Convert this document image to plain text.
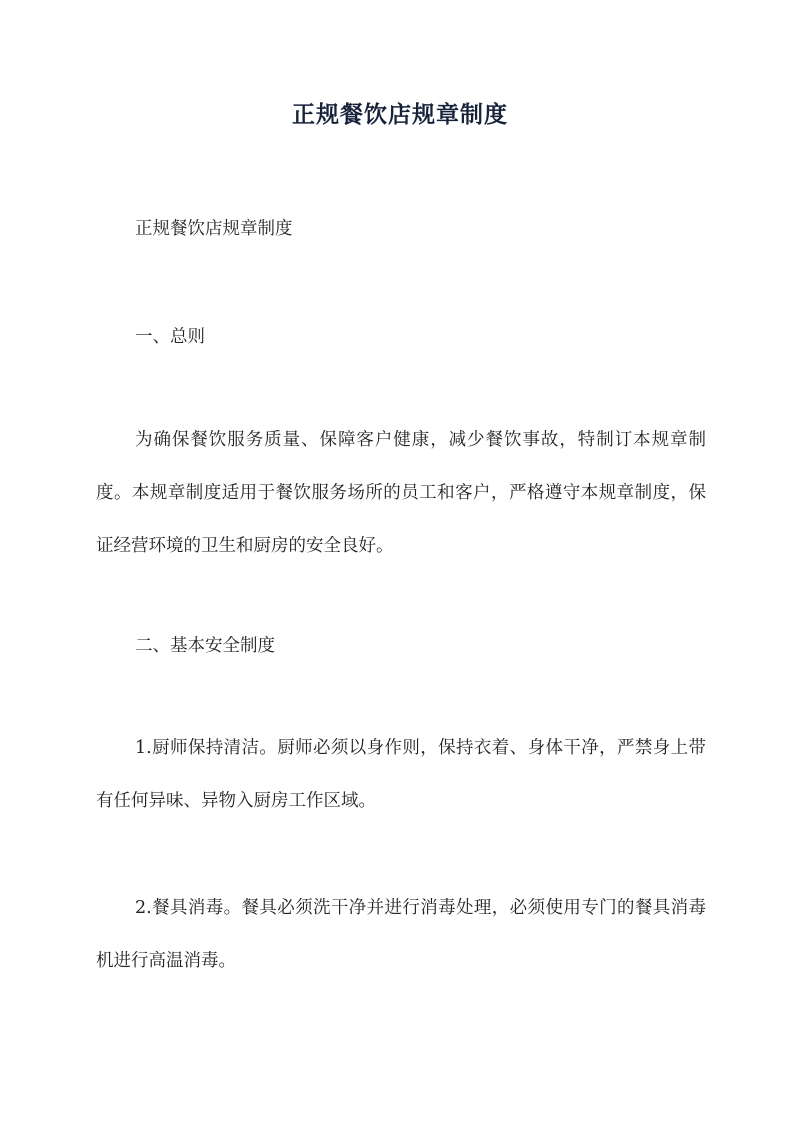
正规餐饮店规章制度
正规餐饮店规章制度
一、总则
为确保餐饮服务质量、保障客户健康，减少餐饮事故，特制订本规章制度。本规章制度适用于餐饮服务场所的员工和客户，严格遵守本规章制度，保证经营环境的卫生和厨房的安全良好。
二、基本安全制度
1.厨师保持清洁。厨师必须以身作则，保持衣着、身体干净，严禁身上带有任何异味、异物入厨房工作区域。
2.餐具消毒。餐具必须洗干净并进行消毒处理，必须使用专门的餐具消毒机进行高温消毒。
